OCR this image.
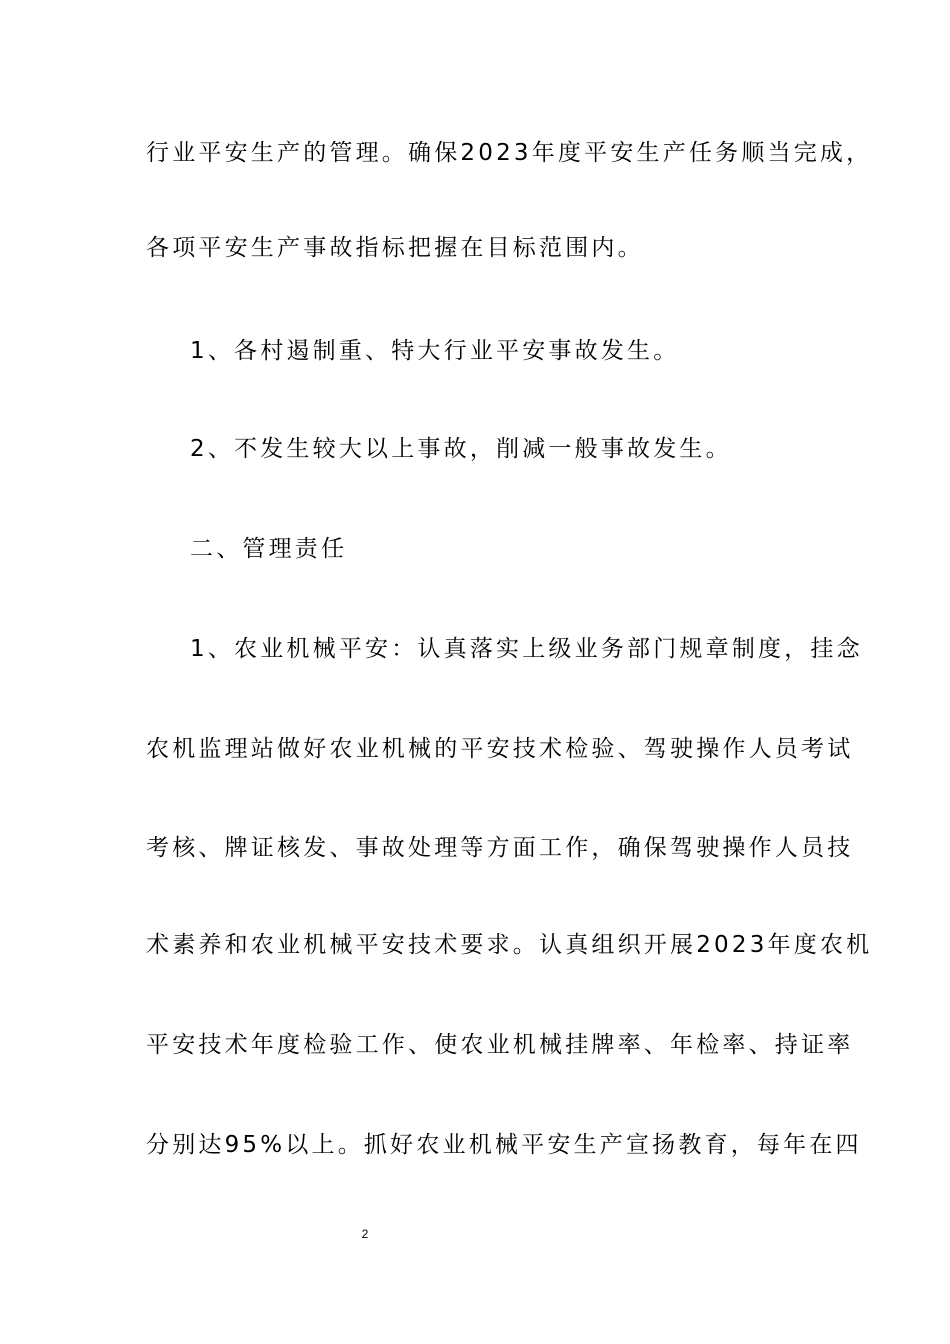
行业平安生产的管理。确保2023年度平安生产任务顺当完成，
各项平安生产事故指标把握在目标范围内。
1、各村遏制重、特大行业平安事故发生。
2、不发生较大以上事故，削减一般事故发生。
二、管理责任
1、农业机械平安：认真落实上级业务部门规章制度，挂念
农机监理站做好农业机械的平安技术检验、驾驶操作人员考试
考核、牌证核发、事故处理等方面工作，确保驾驶操作人员技
术素养和农业机械平安技术要求。认真组织开展2023年度农机
平安技术年度检验工作、使农业机械挂牌率、年检率、持证率
分别达95%以上。抓好农业机械平安生产宣扬教育，每年在四
2
